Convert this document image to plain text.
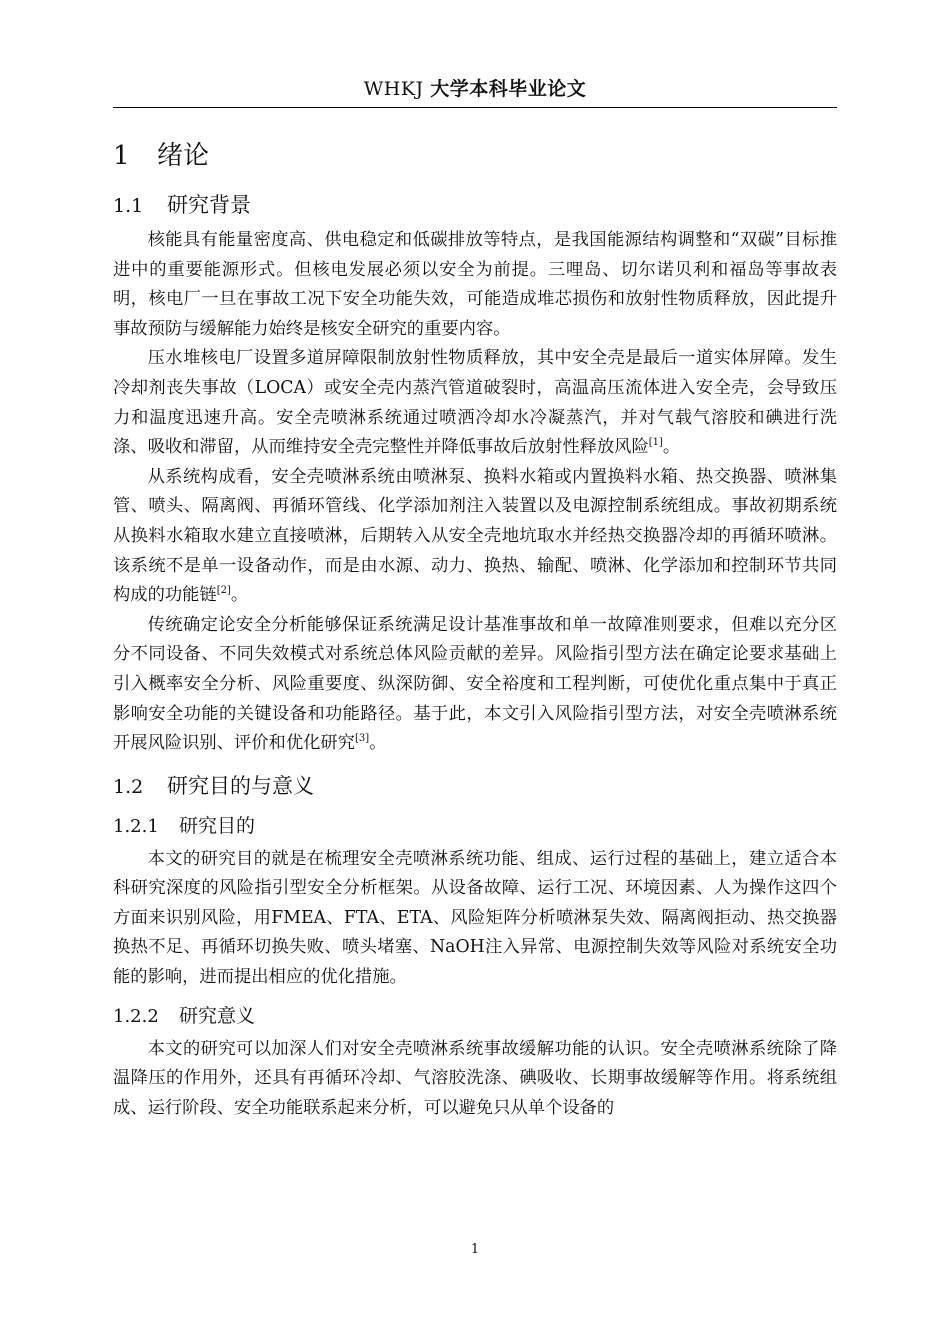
WHKJ 大学本科毕业论文
1 绪论
1.1 研究背景

核能具有能量密度高、供电稳定和低碳排放等特点，是我国能源结构调整和“双碳”目标推进中的重要能源形式。但核电发展必须以安全为前提。三哩岛、切尔诺贝利和福岛等事故表明，核电厂一旦在事故工况下安全功能失效，可能造成堆芯损伤和放射性物质释放，因此提升事故预防与缓解能力始终是核安全研究的重要内容。

压水堆核电厂设置多道屏障限制放射性物质释放，其中安全壳是最后一道实体屏障。发生冷却剂丧失事故（LOCA）或安全壳内蒸汽管道破裂时，高温高压流体进入安全壳，会导致压力和温度迅速升高。安全壳喷淋系统通过喷洒冷却水冷凝蒸汽，并对气载气溶胶和碘进行洗涤、吸收和滞留，从而维持安全壳完整性并降低事故后放射性释放风险[1]。

从系统构成看，安全壳喷淋系统由喷淋泵、换料水箱或内置换料水箱、热交换器、喷淋集管、喷头、隔离阀、再循环管线、化学添加剂注入装置以及电源控制系统组成。事故初期系统从换料水箱取水建立直接喷淋，后期转入从安全壳地坑取水并经热交换器冷却的再循环喷淋。该系统不是单一设备动作，而是由水源、动力、换热、输配、喷淋、化学添加和控制环节共同构成的功能链[2]。

传统确定论安全分析能够保证系统满足设计基准事故和单一故障准则要求，但难以充分区分不同设备、不同失效模式对系统总体风险贡献的差异。风险指引型方法在确定论要求基础上引入概率安全分析、风险重要度、纵深防御、安全裕度和工程判断，可使优化重点集中于真正影响安全功能的关键设备和功能路径。基于此，本文引入风险指引型方法，对安全壳喷淋系统开展风险识别、评价和优化研究[3]。

1.2 研究目的与意义
1.2.1 研究目的

本文的研究目的就是在梳理安全壳喷淋系统功能、组成、运行过程的基础上，建立适合本科研究深度的风险指引型安全分析框架。从设备故障、运行工况、环境因素、人为操作这四个方面来识别风险，用FMEA、FTA、ETA、风险矩阵分析喷淋泵失效、隔离阀拒动、热交换器换热不足、再循环切换失败、喷头堵塞、NaOH注入异常、电源控制失效等风险对系统安全功能的影响，进而提出相应的优化措施。

1.2.2 研究意义

本文的研究可以加深人们对安全壳喷淋系统事故缓解功能的认识。安全壳喷淋系统除了降温降压的作用外，还具有再循环冷却、气溶胶洗涤、碘吸收、长期事故缓解等作用。将系统组成、运行阶段、安全功能联系起来分析，可以避免只从单个设备的

1
